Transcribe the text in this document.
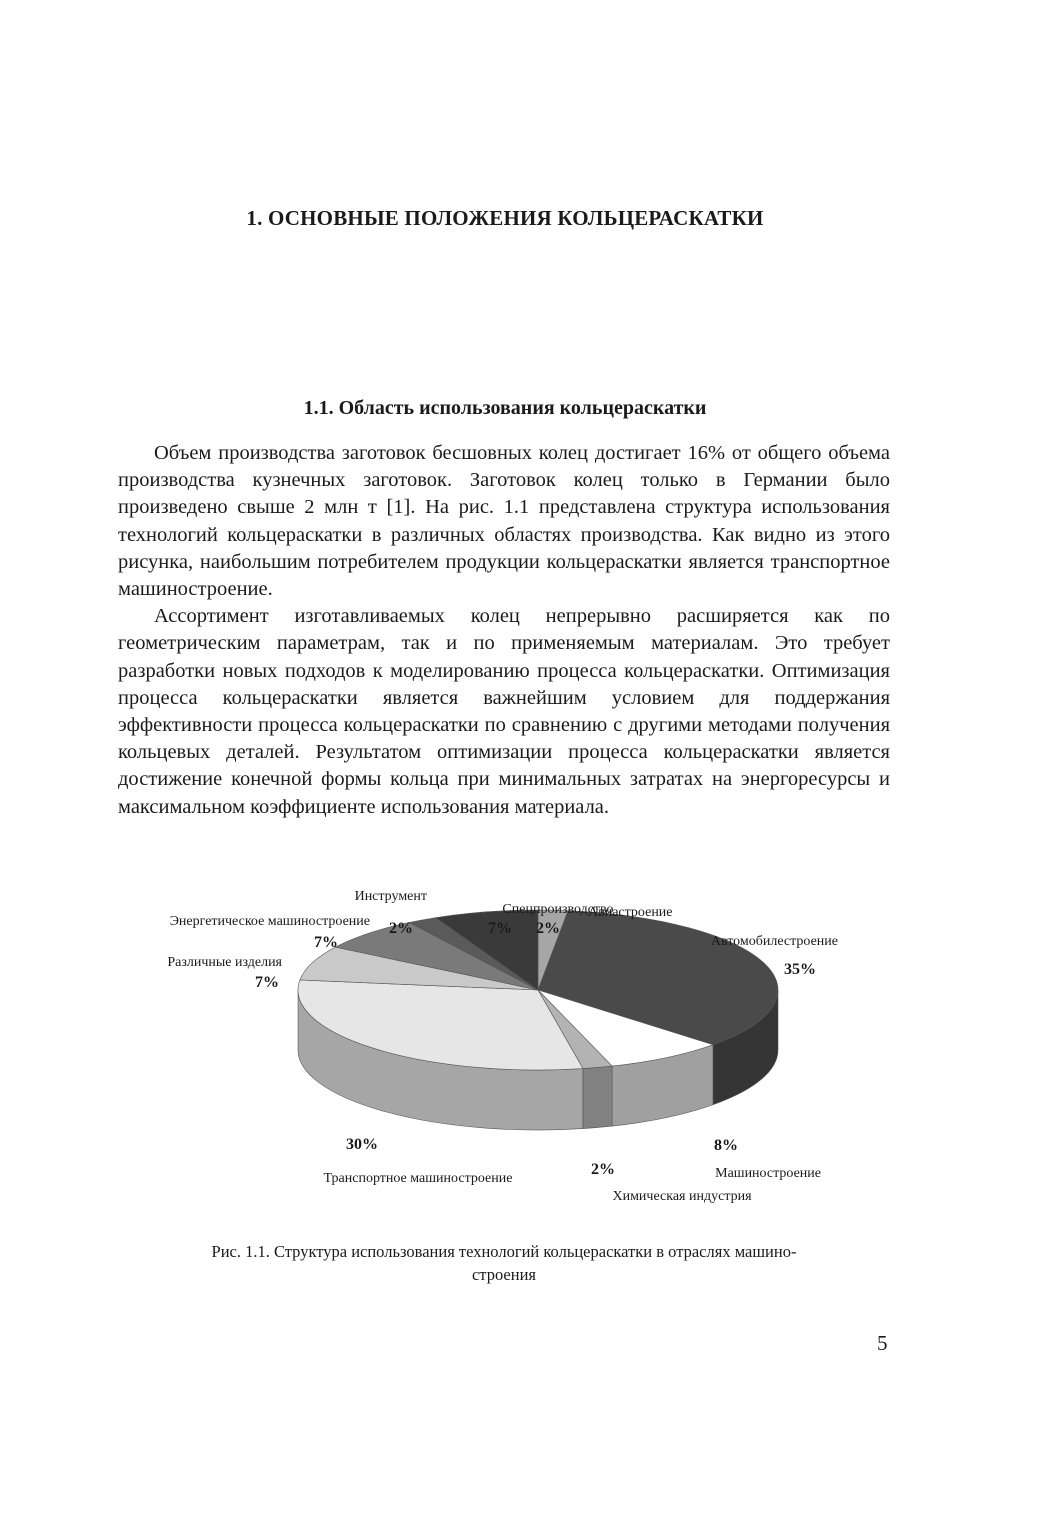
1. ОСНОВНЫЕ ПОЛОЖЕНИЯ КОЛЬЦЕРАСКАТКИ
1.1. Область использования кольцераскатки

Объем производства заготовок бесшовных колец достигает 16% от общего объема производства кузнечных заготовок. Заготовок колец только в Германии было произведено свыше 2 млн т [1]. На рис. 1.1 представлена структура использования технологий кольцераскатки в различных областях производства. Как видно из этого рисунка, наибольшим потребителем продукции кольцераскатки является транспортное машиностроение.

Ассортимент изготавливаемых колец непрерывно расширяется как по геометрическим параметрам, так и по применяемым материалам. Это требует разработки новых подходов к моделированию процесса кольцераскатки. Оптимизация процесса кольцераскатки является важнейшим условием для поддержания эффективности процесса кольцераскатки по сравнению с другими методами получения кольцевых деталей. Результатом оптимизации процесса кольцераскатки является достижение конечной формы кольца при минимальных затратах на энергоресурсы и максимальном коэффициенте использования материала.

Авиастроение
2%
Автомобилестроение
35%
Машиностроение
8%
Химическая индустрия
2%
Транспортное машиностроение
30%
Различные изделия
7%
Энергетическое машиностроение
7%
Инструмент
2%
Спецпроизводство
7%
Рис. 1.1. Структура использования технологий кольцераскатки в отраслях машино-
строения
5
